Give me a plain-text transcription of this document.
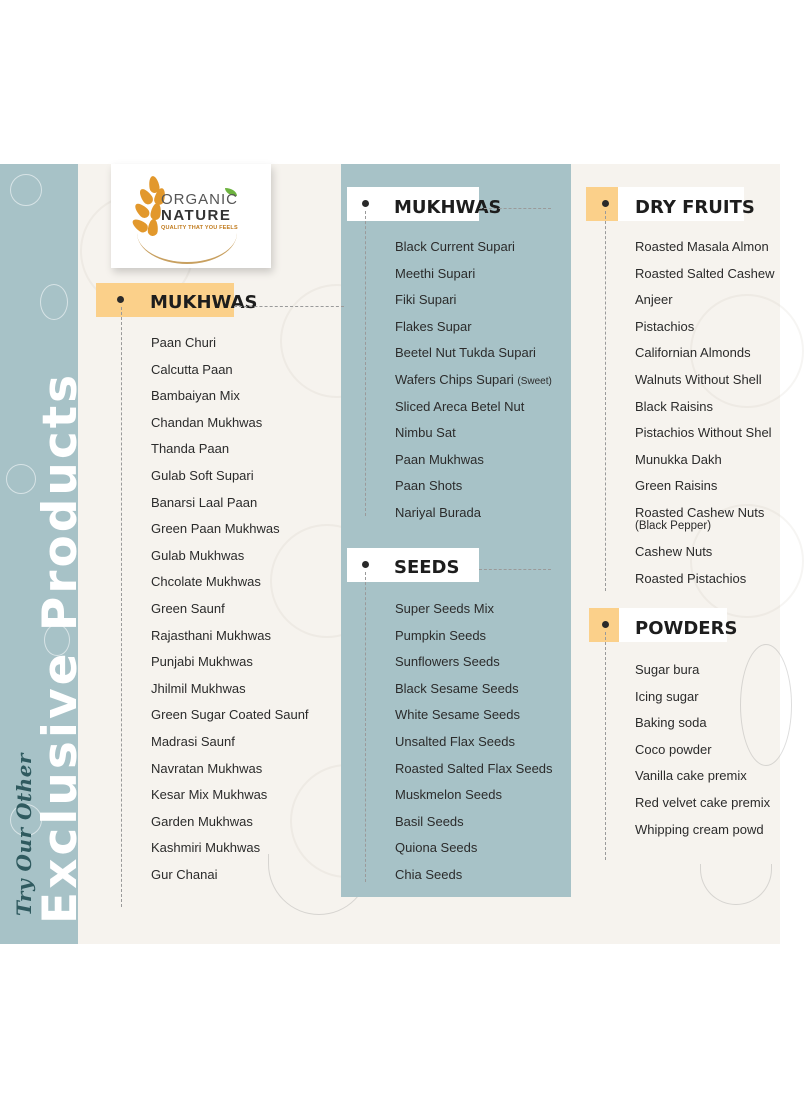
Try Our Other
Exclusive Products
ORGANIC
NATURE
QUALITY THAT YOU FEELS
MUKHWAS
Paan Churi
Calcutta Paan
Bambaiyan Mix
Chandan Mukhwas
Thanda Paan
Gulab Soft Supari
Banarsi Laal Paan
Green Paan Mukhwas
Gulab Mukhwas
Chcolate Mukhwas
Green Saunf
Rajasthani Mukhwas
Punjabi Mukhwas
Jhilmil Mukhwas
Green Sugar Coated Saunf
Madrasi Saunf
Navratan Mukhwas
Kesar Mix Mukhwas
Garden Mukhwas
Kashmiri Mukhwas
Gur Chanai
MUKHWAS
Black Current Supari
Meethi Supari
Fiki Supari
Flakes Supar
Beetel Nut Tukda Supari
Wafers Chips Supari (Sweet)
Sliced Areca Betel Nut
Nimbu Sat
Paan Mukhwas
Paan Shots
Nariyal Burada
SEEDS
Super Seeds Mix
Pumpkin Seeds
Sunflowers Seeds
Black Sesame Seeds
White Sesame Seeds
Unsalted Flax Seeds
Roasted Salted Flax Seeds
Muskmelon Seeds
Basil Seeds
Quiona Seeds
Chia Seeds
DRY FRUITS
Roasted Masala Almon
Roasted Salted Cashew
Anjeer
Pistachios
Californian Almonds
Walnuts Without Shell
Black Raisins
Pistachios Without Shel
Munukka Dakh
Green Raisins
Roasted Cashew Nuts
(Black Pepper)
Cashew Nuts
Roasted Pistachios
POWDERS
Sugar bura
Icing sugar
Baking soda
Coco powder
Vanilla cake premix
Red velvet cake premix
Whipping cream powd
